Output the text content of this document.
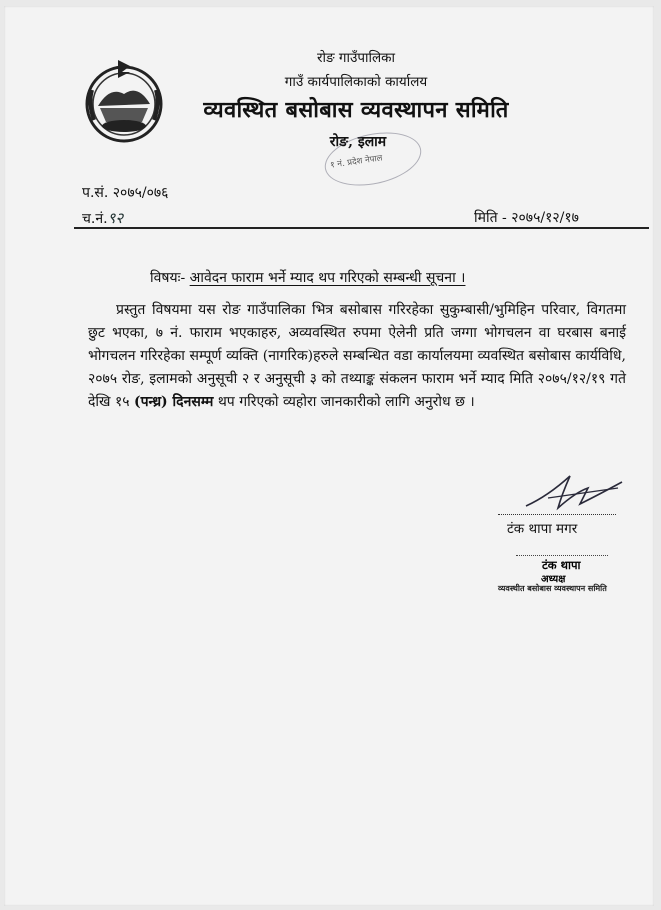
रोङ गाउँपालिका
गाउँ कार्यपालिकाको कार्यालय
व्यवस्थित बसोबास व्यवस्थापन समिति
रोङ, इलाम
१ नं. प्रदेश नेपाल
प.सं. २०७५/०७६
च.नं.९२	मिति - २०७५/१२/१७
विषयः- आवेदन फाराम भर्ने म्याद थप गरिएको सम्बन्धी सूचना ।
प्रस्तुत विषयमा यस रोङ गाउँपालिका भित्र बसोबास गरिरहेका सुकुम्बासी/भुमिहिन परिवार, विगतमा छुट भएका, ७ नं. फाराम भएकाहरु, अव्यवस्थित रुपमा ऐलेनी प्रति जग्गा भोगचलन वा घरबास बनाई भोगचलन गरिरहेका सम्पूर्ण व्यक्ति (नागरिक)हरुले सम्बन्धित वडा कार्यालयमा व्यवस्थित बसोबास कार्यविधि, २०७५ रोङ, इलामको अनुसूची २ र अनुसूची ३ को तथ्याङ्क संकलन फाराम भर्ने म्याद मिति २०७५/१२/१९ गते देखि १५ (पन्ध्र) दिनसम्म थप गरिएको व्यहोरा जानकारीको लागि अनुरोध छ ।
टंक थापा मगर
टंक थापा
अध्यक्ष
व्यवस्थीत बसोबास व्यवस्थापन समिति
